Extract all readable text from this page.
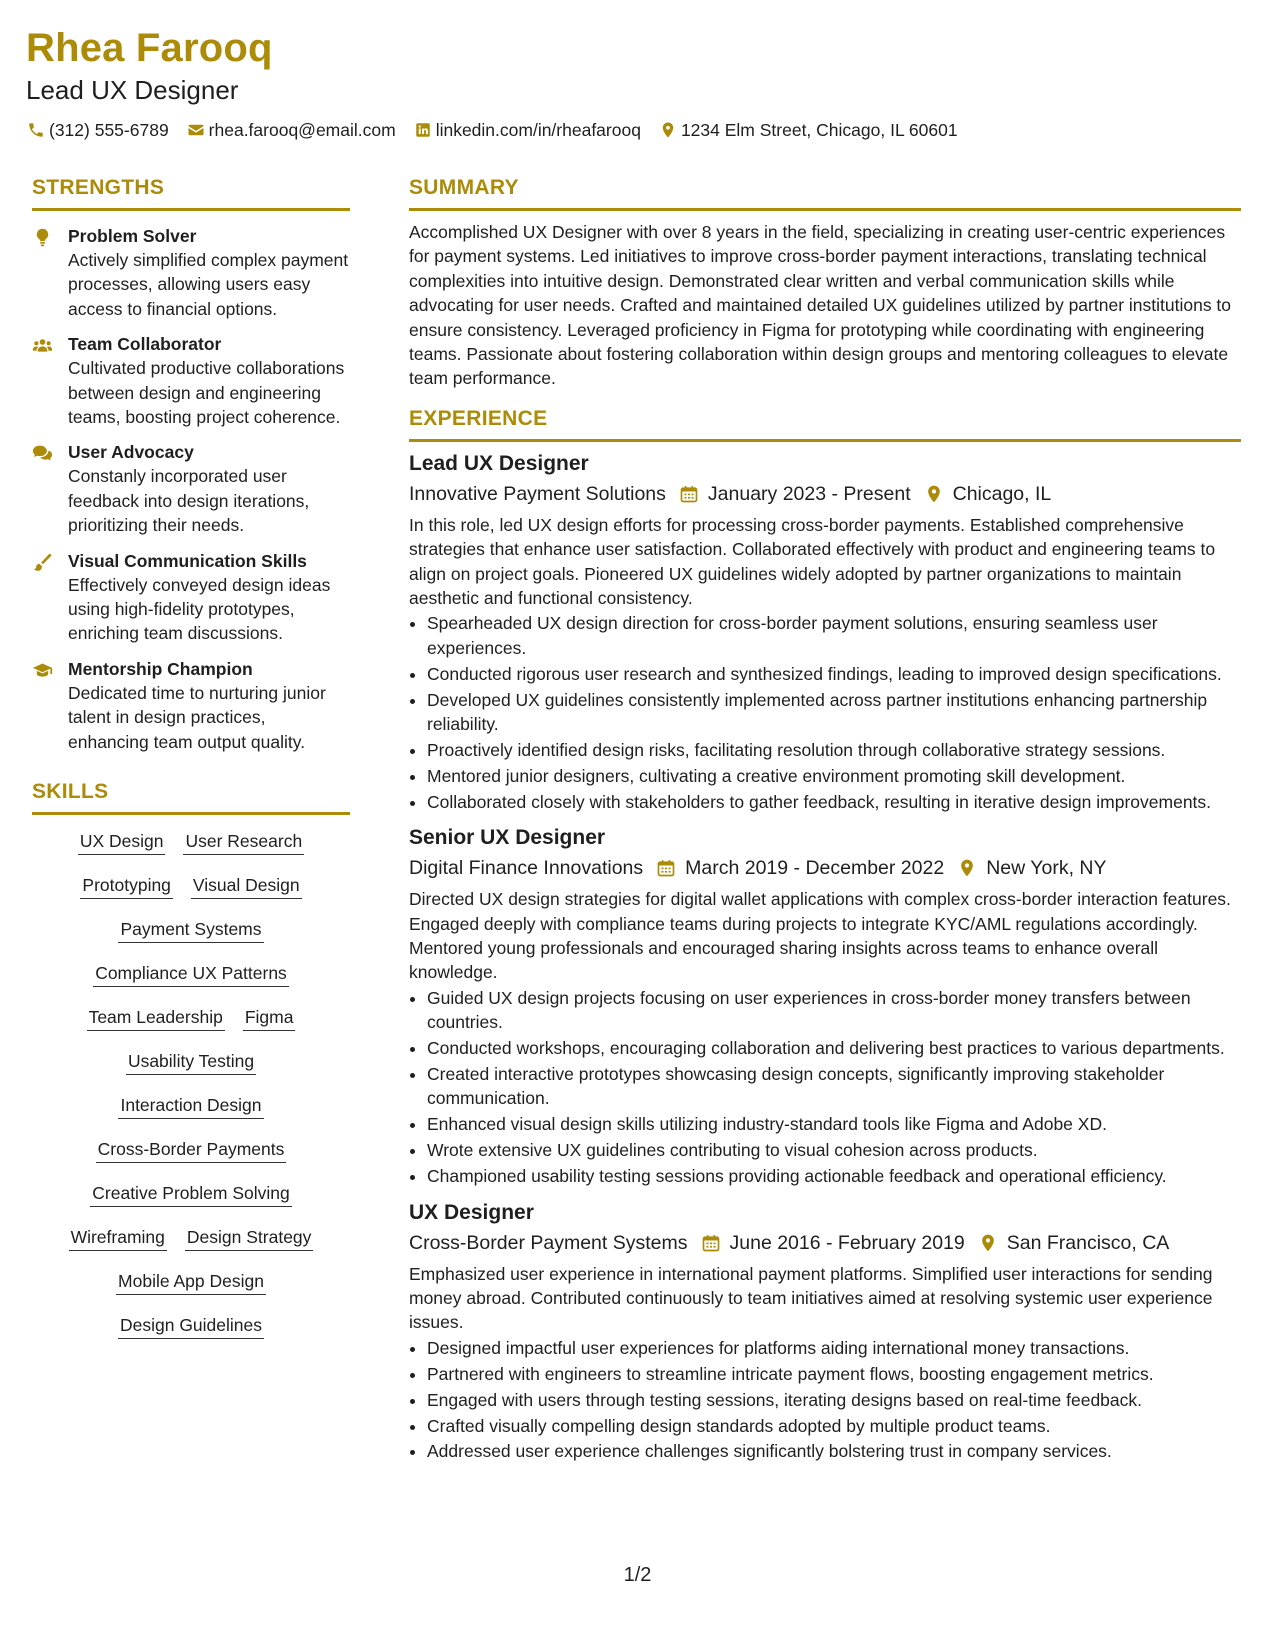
Rhea Farooq
Lead UX Designer
(312) 555-6789 rhea.farooq@email.com linkedin.com/in/rheafarooq 1234 Elm Street, Chicago, IL 60601
STRENGTHS
Problem Solver
Actively simplified complex payment processes, allowing users easy access to financial options.
Team Collaborator
Cultivated productive collaborations between design and engineering teams, boosting project coherence.
User Advocacy
Constanly incorporated user feedback into design iterations, prioritizing their needs.
Visual Communication Skills
Effectively conveyed design ideas using high-fidelity prototypes, enriching team discussions.
Mentorship Champion
Dedicated time to nurturing junior talent in design practices, enhancing team output quality.
SKILLS
UX Design User Research
Prototyping Visual Design
Payment Systems
Compliance UX Patterns
Team Leadership Figma
Usability Testing
Interaction Design
Cross-Border Payments
Creative Problem Solving
Wireframing Design Strategy
Mobile App Design
Design Guidelines
SUMMARY
Accomplished UX Designer with over 8 years in the field, specializing in creating user-centric experiences for payment systems. Led initiatives to improve cross-border payment interactions, translating technical complexities into intuitive design. Demonstrated clear written and verbal communication skills while advocating for user needs. Crafted and maintained detailed UX guidelines utilized by partner institutions to ensure consistency. Leveraged proficiency in Figma for prototyping while coordinating with engineering teams. Passionate about fostering collaboration within design groups and mentoring colleagues to elevate team performance.
EXPERIENCE
Lead UX Designer
Innovative Payment Solutions January 2023 - Present Chicago, IL
In this role, led UX design efforts for processing cross-border payments. Established comprehensive strategies that enhance user satisfaction. Collaborated effectively with product and engineering teams to align on project goals. Pioneered UX guidelines widely adopted by partner organizations to maintain aesthetic and functional consistency.
• Spearheaded UX design direction for cross-border payment solutions, ensuring seamless user experiences.
• Conducted rigorous user research and synthesized findings, leading to improved design specifications.
• Developed UX guidelines consistently implemented across partner institutions enhancing partnership reliability.
• Proactively identified design risks, facilitating resolution through collaborative strategy sessions.
• Mentored junior designers, cultivating a creative environment promoting skill development.
• Collaborated closely with stakeholders to gather feedback, resulting in iterative design improvements.
Senior UX Designer
Digital Finance Innovations March 2019 - December 2022 New York, NY
Directed UX design strategies for digital wallet applications with complex cross-border interaction features. Engaged deeply with compliance teams during projects to integrate KYC/AML regulations accordingly. Mentored young professionals and encouraged sharing insights across teams to enhance overall knowledge.
• Guided UX design projects focusing on user experiences in cross-border money transfers between countries.
• Conducted workshops, encouraging collaboration and delivering best practices to various departments.
• Created interactive prototypes showcasing design concepts, significantly improving stakeholder communication.
• Enhanced visual design skills utilizing industry-standard tools like Figma and Adobe XD.
• Wrote extensive UX guidelines contributing to visual cohesion across products.
• Championed usability testing sessions providing actionable feedback and operational efficiency.
UX Designer
Cross-Border Payment Systems June 2016 - February 2019 San Francisco, CA
Emphasized user experience in international payment platforms. Simplified user interactions for sending money abroad. Contributed continuously to team initiatives aimed at resolving systemic user experience issues.
• Designed impactful user experiences for platforms aiding international money transactions.
• Partnered with engineers to streamline intricate payment flows, boosting engagement metrics.
• Engaged with users through testing sessions, iterating designs based on real-time feedback.
• Crafted visually compelling design standards adopted by multiple product teams.
• Addressed user experience challenges significantly bolstering trust in company services.
1/2
